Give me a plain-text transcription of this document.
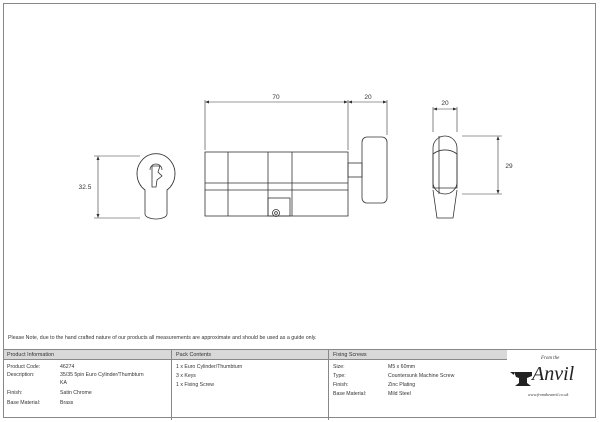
70	20
20
32.5
29
Please Note, due to the hand crafted nature of our products all measurements are approximate and should be used as a guide only.
Product Information
Product Code:	46274
Description:	35/35 5pin Euro Cylinder/Thumbturn
KA
Finish:	Satin Chrome
Base Material:	Brass
Pack Contents
1 x Euro Cylinder/Thumbturn
3 x Keys
1 x Fixing Screw
Fixing Screws
Size:	M5 x 60mm
Type:	Countersunk Machine Screw
Finish:	Zinc Plating
Base Material:	Mild Steel
From the
Anvil
www.fromtheanvil.co.uk
